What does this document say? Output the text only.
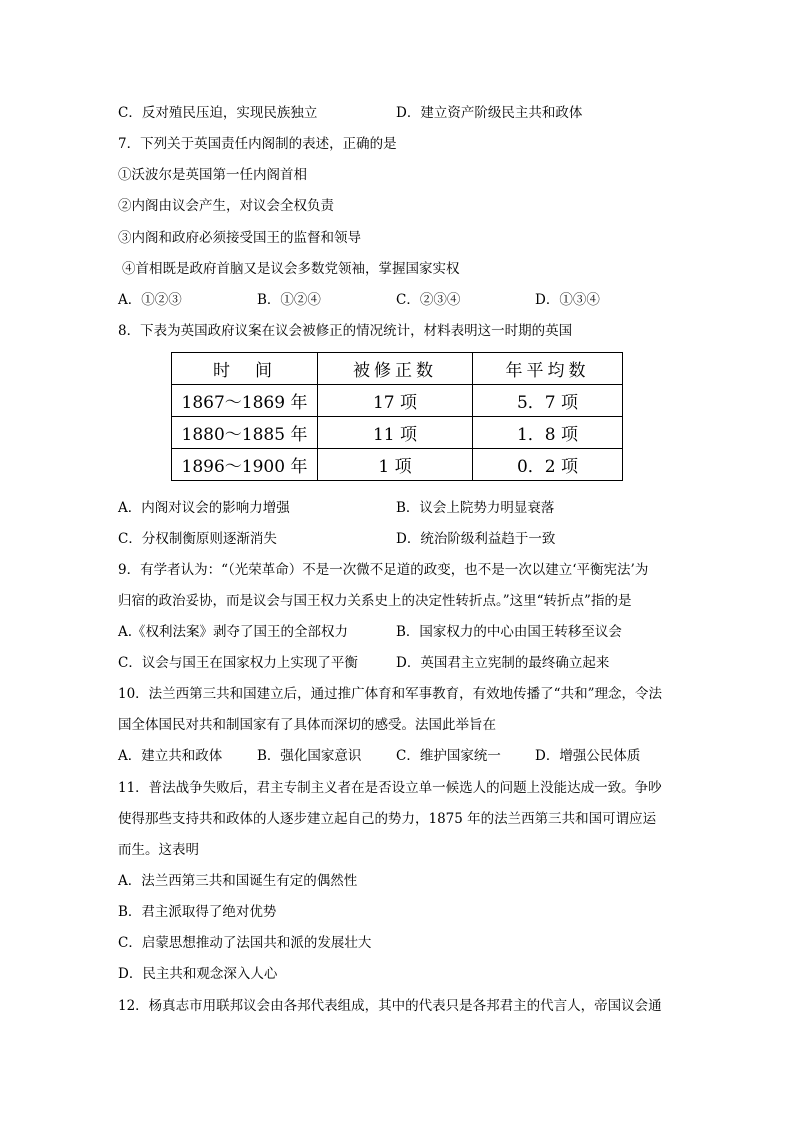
C．反对殖民压迫，实现民族独立	D．建立资产阶级民主共和政体
7．下列关于英国责任内阁制的表述，正确的是
①沃波尔是英国第一任内阁首相
②内阁由议会产生，对议会全权负责
③内阁和政府必须接受国王的监督和领导
④首相既是政府首脑又是议会多数党领袖，掌握国家实权
A．①②③	B．①②④	C．②③④	D．①③④
8．下表为英国政府议案在议会被修正的情况统计，材料表明这一时期的英国
时　间	被修正数	年平均数
1867～1869 年	17 项	5．7 项
1880～1885 年	11 项	1．8 项
1896～1900 年	1 项	0．2 项
A．内阁对议会的影响力增强	B．议会上院势力明显衰落
C．分权制衡原则逐渐消失	D．统治阶级利益趋于一致
9．有学者认为：“（光荣革命）不是一次微不足道的政变，也不是一次以建立‘平衡宪法’为
归宿的政治妥协，而是议会与国王权力关系史上的决定性转折点。”这里“转折点”指的是
A.《权利法案》剥夺了国王的全部权力	B．国家权力的中心由国王转移至议会
C．议会与国王在国家权力上实现了平衡	D．英国君主立宪制的最终确立起来
10．法兰西第三共和国建立后，通过推广体育和军事教育，有效地传播了“共和”理念，令法
国全体国民对共和制国家有了具体而深切的感受。法国此举旨在
A．建立共和政体	B．强化国家意识	C．维护国家统一	D．增强公民体质
11．普法战争失败后，君主专制主义者在是否设立单一候选人的问题上没能达成一致。争吵
使得那些支持共和政体的人逐步建立起自己的势力，1875 年的法兰西第三共和国可谓应运
而生。这表明
A．法兰西第三共和国诞生有定的偶然性
B．君主派取得了绝对优势
C．启蒙思想推动了法国共和派的发展壮大
D．民主共和观念深入人心
12．杨真志市用联邦议会由各邦代表组成，其中的代表只是各邦君主的代言人，帝国议会通
